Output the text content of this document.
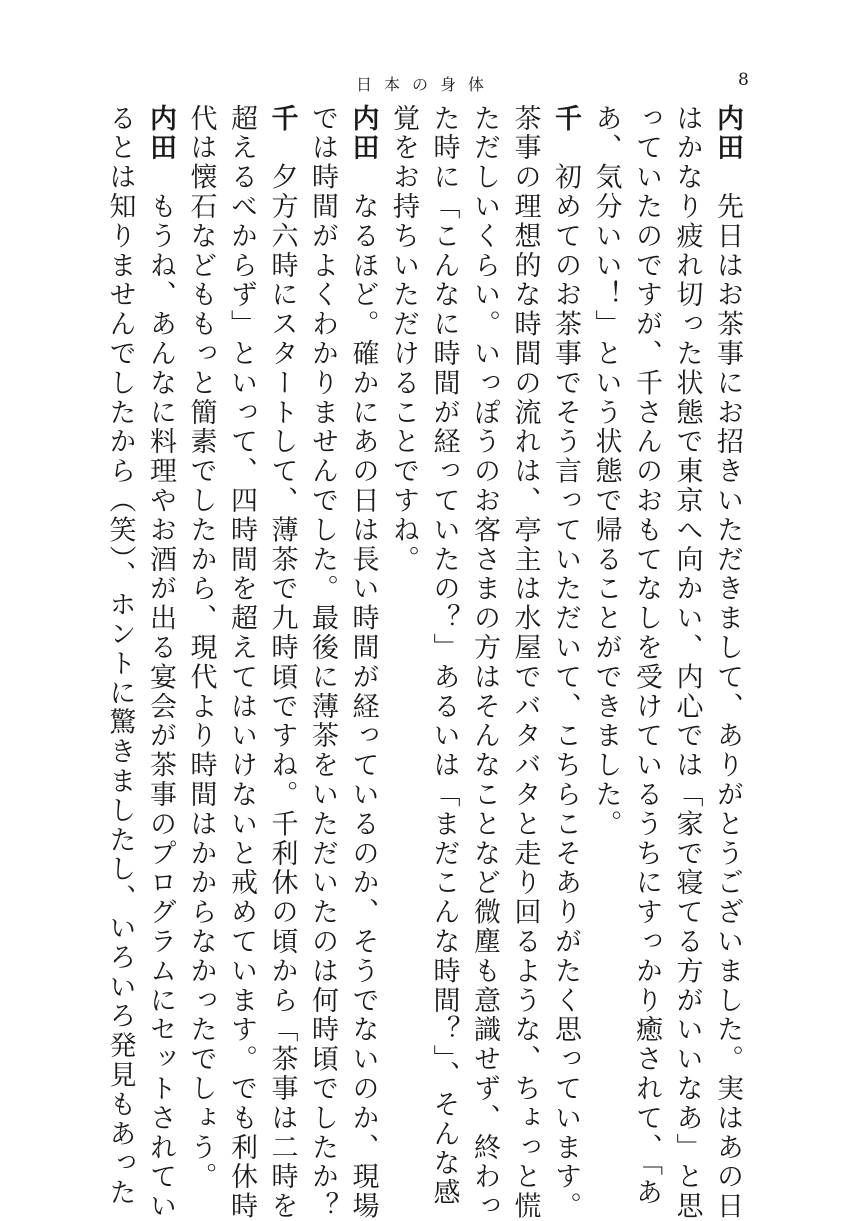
日本の身体	8
内田　先日はお茶事にお招きいただきまして、ありがとうございました。実はあの日
はかなり疲れ切った状態で東京へ向かい、内心では「家で寝てる方がいいなあ」と思
っていたのですが、千さんのおもてなしを受けているうちにすっかり癒されて、「あ
あ、気分いい！」という状態で帰ることができました。
千　初めてのお茶事でそう言っていただいて、こちらこそありがたく思っています。
茶事の理想的な時間の流れは、亭主は水屋でバタバタと走り回るような、ちょっと慌
ただしいくらい。いっぽうのお客さまの方はそんなことなど微塵も意識せず、終わっ
た時に「こんなに時間が経っていたの？」あるいは「まだこんな時間？」、そんな感
覚をお持ちいただけることですね。
内田　なるほど。確かにあの日は長い時間が経っているのか、そうでないのか、現場
では時間がよくわかりませんでした。最後に薄茶をいただいたのは何時頃でしたか？
千　夕方六時にスタートして、薄茶で九時頃ですね。千利休の頃から「茶事は二時を
超えるべからず」といって、四時間を超えてはいけないと戒めています。でも利休時
代は懐石などももっと簡素でしたから、現代より時間はかからなかったでしょう。
内田　もうね、あんなに料理やお酒が出る宴会が茶事のプログラムにセットされてい
るとは知りませんでしたから（笑）、ホントに驚きましたし、いろいろ発見もあった
